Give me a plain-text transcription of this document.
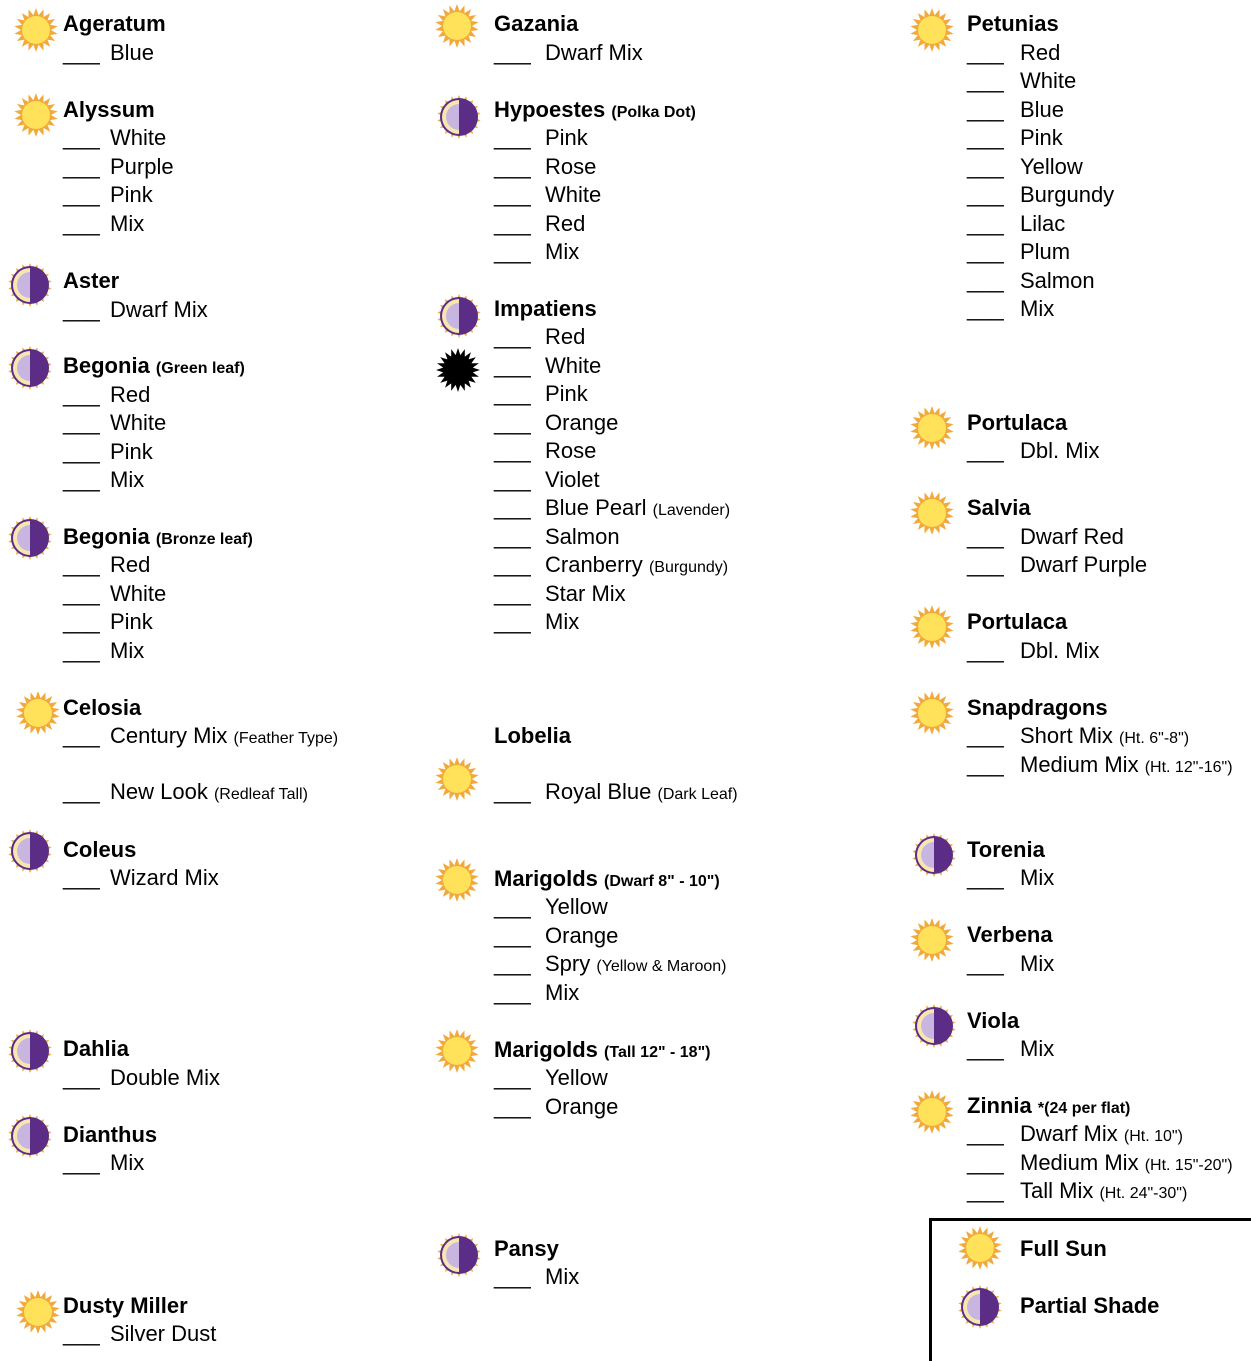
Ageratum
___ Blue
Alyssum
___ White
___ Purple
___ Pink
___ Mix
Aster
___ Dwarf Mix
Begonia (Green leaf)
___ Red
___ White
___ Pink
___ Mix
Begonia (Bronze leaf)
___ Red
___ White
___ Pink
___ Mix
Celosia
___ Century Mix (Feather Type)
___ New Look (Redleaf Tall)
Coleus
___ Wizard Mix
Dahlia
___ Double Mix
Dianthus
___ Mix
Dusty Miller
___ Silver Dust
Gazania
___ Dwarf Mix
Hypoestes (Polka Dot)
___ Pink
___ Rose
___ White
___ Red
___ Mix
Impatiens
___ Red
___ White
___ Pink
___ Orange
___ Rose
___ Violet
___ Blue Pearl (Lavender)
___ Salmon
___ Cranberry (Burgundy)
___ Star Mix
___ Mix
Lobelia
___ Royal Blue (Dark Leaf)
Marigolds (Dwarf 8" - 10")
___ Yellow
___ Orange
___ Spry (Yellow & Maroon)
___ Mix
Marigolds (Tall 12" - 18")
___ Yellow
___ Orange
Pansy
___ Mix
Petunias
___ Red
___ White
___ Blue
___ Pink
___ Yellow
___ Burgundy
___ Lilac
___ Plum
___ Salmon
___ Mix
Portulaca
___ Dbl. Mix
Salvia
___ Dwarf Red
___ Dwarf Purple
Portulaca
___ Dbl. Mix
Snapdragons
___ Short Mix (Ht. 6"-8")
___ Medium Mix (Ht. 12"-16")
Torenia
___ Mix
Verbena
___ Mix
Viola
___ Mix
Zinnia *(24 per flat)
___ Dwarf Mix (Ht. 10")
___ Medium Mix (Ht. 15"-20")
___ Tall Mix (Ht. 24"-30")
Full Sun
Partial Shade
